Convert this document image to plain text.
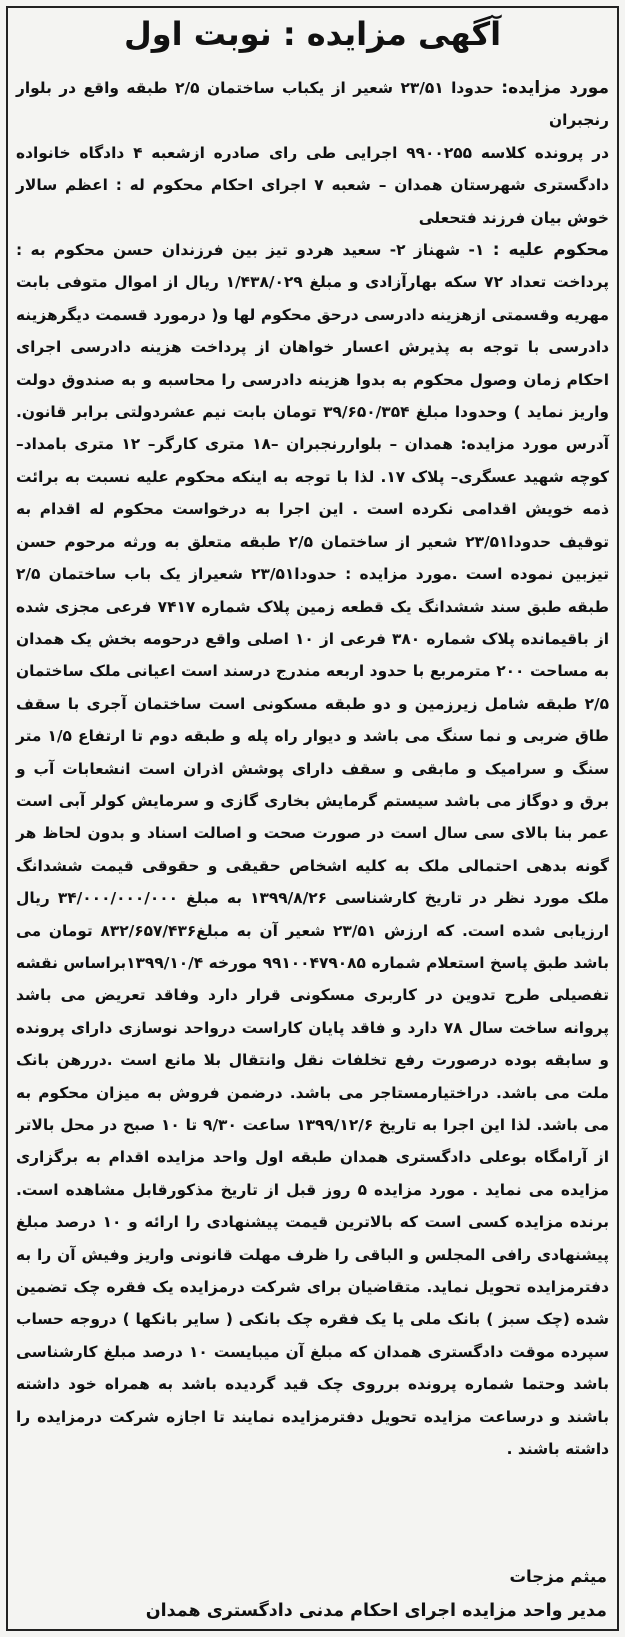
آگهی مزایده : نوبت اول

مورد مزایده: حدودا ۲۳/۵۱ شعیر از یکباب ساختمان ۲/۵ طبقه واقع در بلوار رنجبران

در پرونده کلاسه ۹۹۰۰۲۵۵ اجرایی طی رای صادره ازشعبه ۴ دادگاه خانواده دادگستری شهرستان همدان – شعبه ۷ اجرای احکام محکوم له : اعظم سالار خوش بیان فرزند فتحعلی

محکوم علیه : ۱- شهناز ۲- سعید هردو تیز بین فرزندان حسن محکوم به : پرداخت تعداد ۷۲ سکه بهارآزادی و مبلغ ۱/۴۳۸/۰۲۹ ریال از اموال متوفی بابت مهریه وقسمتی ازهزینه دادرسی درحق محکوم لها و( درمورد قسمت دیگرهزینه دادرسی با توجه به پذیرش اعسار خواهان از پرداخت هزینه دادرسی اجرای احکام زمان وصول محکوم به بدوا هزینه دادرسی را محاسبه و به صندوق دولت واریز نماید ) وحدودا مبلغ ۳۹/۶۵۰/۳۵۴ تومان بابت نیم عشردولتی برابر قانون. آدرس مورد مزایده: همدان – بلواررنجبران –۱۸ متری کارگر– ۱۲ متری بامداد– کوچه شهید عسگری– پلاک ۱۷. لذا با توجه به اینکه محکوم علیه نسبت به برائت ذمه خویش اقدامی نکرده است . این اجرا به درخواست محکوم له اقدام به توقیف حدودا۲۳/۵۱ شعیر از ساختمان ۲/۵ طبقه متعلق به ورثه مرحوم حسن تیزبین نموده است .مورد مزایده : حدودا۲۳/۵۱ شعیراز یک باب ساختمان ۲/۵ طبقه طبق سند ششدانگ یک قطعه زمین پلاک شماره ۷۴۱۷ فرعی مجزی شده از باقیمانده پلاک شماره ۳۸۰ فرعی از ۱۰ اصلی واقع درحومه بخش یک همدان به مساحت ۲۰۰ مترمربع با حدود اربعه مندرج درسند است اعیانی ملک ساختمان ۲/۵ طبقه شامل زیرزمین و دو طبقه مسکونی است ساختمان آجری با سقف طاق ضربی و نما سنگ می باشد و دیوار راه پله و طبقه دوم تا ارتفاع ۱/۵ متر سنگ و سرامیک و مابقی و سقف دارای پوشش اذران است انشعابات آب و برق و دوگاز می باشد سیستم گرمایش بخاری گازی و سرمایش کولر آبی است عمر بنا بالای سی سال است در صورت صحت و اصالت اسناد و بدون لحاظ هر گونه بدهی احتمالی ملک به کلیه اشخاص حقیقی و حقوقی قیمت ششدانگ ملک مورد نظر در تاریخ کارشناسی ۱۳۹۹/۸/۲۶ به مبلغ ۳۴/۰۰۰/۰۰۰/۰۰۰ ریال ارزیابی شده است. که ارزش ۲۳/۵۱ شعیر آن به مبلغ۸۳۲/۶۵۷/۴۳۶ تومان می باشد طبق پاسخ استعلام شماره ۹۹۱۰۰۴۷۹۰۸۵ مورخه ۱۳۹۹/۱۰/۴براساس نقشه تفصیلی طرح تدوین در کاربری مسکونی قرار دارد وفاقد تعریض می باشد پروانه ساخت سال ۷۸ دارد و فاقد پایان کاراست درواحد نوسازی دارای پرونده و سابقه بوده درصورت رفع تخلفات نقل وانتقال بلا مانع است .دررهن بانک ملت می باشد. دراختیارمستاجر می باشد. درضمن فروش به میزان محکوم به می باشد. لذا این اجرا به تاریخ ۱۳۹۹/۱۲/۶ ساعت ۹/۳۰ تا ۱۰ صبح در محل بالاتر از آرامگاه بوعلی دادگستری همدان طبقه اول واحد مزایده اقدام به برگزاری مزایده می نماید . مورد مزایده ۵ روز قبل از تاریخ مذکورقابل مشاهده است. برنده مزایده کسی است که بالاترین قیمت پیشنهادی را ارائه و ۱۰ درصد مبلغ پیشنهادی رافی المجلس و الباقی را ظرف مهلت قانونی واریز وفیش آن را به دفترمزایده تحویل نماید. متقاضیان برای شرکت درمزایده یک فقره چک تضمین شده (چک سبز ) بانک ملی یا یک فقره چک بانکی ( سایر بانکها ) دروجه حساب سپرده موقت دادگستری همدان که مبلغ آن میبایست ۱۰ درصد مبلغ کارشناسی باشد وحتما شماره پرونده برروی چک قید گردیده باشد به همراه خود داشته باشند و درساعت مزایده تحویل دفترمزایده نمایند تا اجازه شرکت درمزایده را داشته باشند .

میثم مزجات
مدیر واحد مزایده اجرای احکام مدنی دادگستری همدان
